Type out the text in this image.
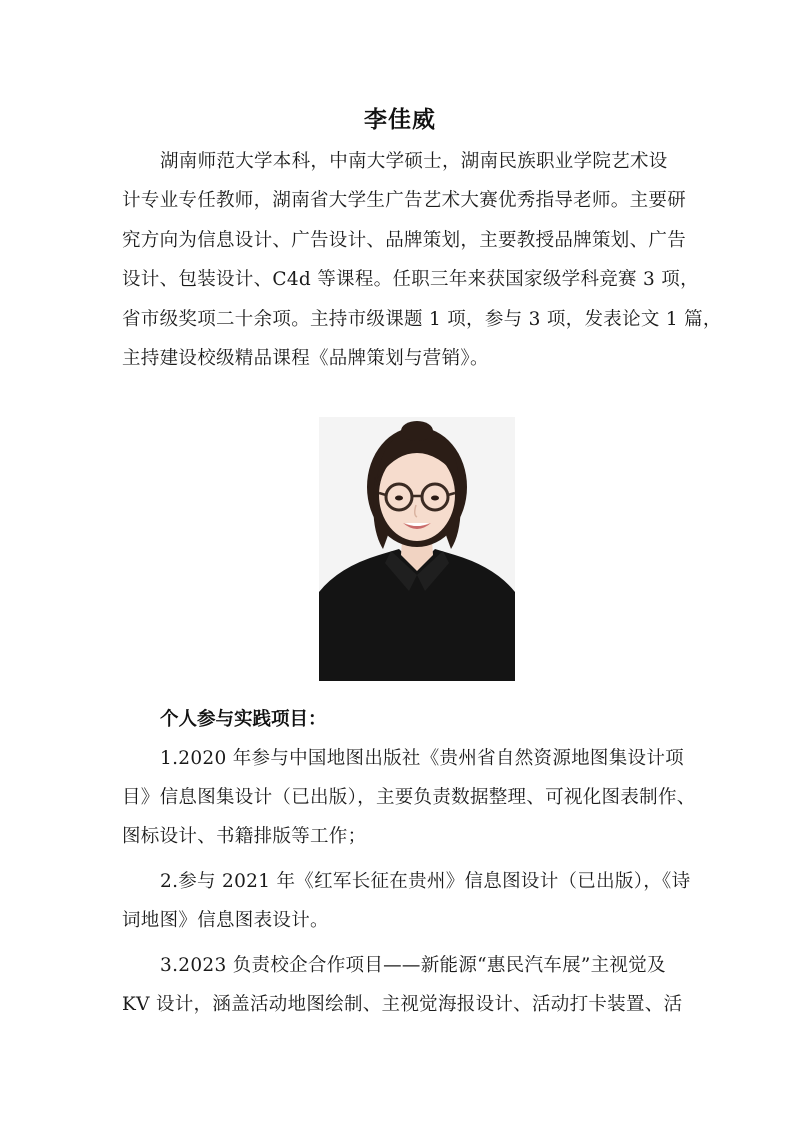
李佳威
湖南师范大学本科，中南大学硕士，湖南民族职业学院艺术设
计专业专任教师，湖南省大学生广告艺术大赛优秀指导老师。主要研
究方向为信息设计、广告设计、品牌策划，主要教授品牌策划、广告
设计、包装设计、C4d 等课程。任职三年来获国家级学科竞赛 3 项，
省市级奖项二十余项。主持市级课题 1 项，参与 3 项，发表论文 1 篇，
主持建设校级精品课程《品牌策划与营销》。
个人参与实践项目：
1.2020 年参与中国地图出版社《贵州省自然资源地图集设计项
目》信息图集设计（已出版），主要负责数据整理、可视化图表制作、
图标设计、书籍排版等工作；
2.参与 2021 年《红军长征在贵州》信息图设计（已出版），《诗
词地图》信息图表设计。
3.2023 负责校企合作项目——新能源“惠民汽车展”主视觉及
KV 设计，涵盖活动地图绘制、主视觉海报设计、活动打卡装置、活
